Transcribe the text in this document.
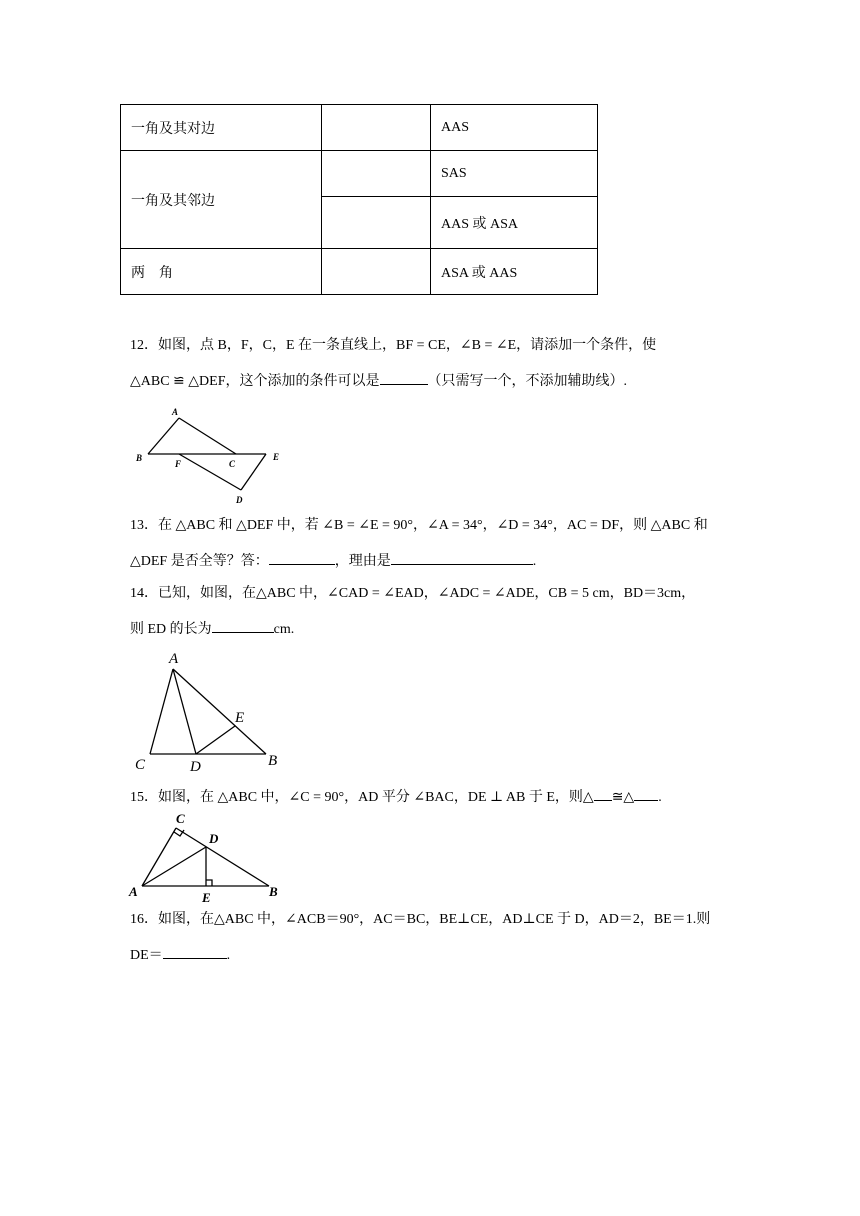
一角及其对边		AAS
一角及其邻边		SAS
		AAS 或 ASA
两　角		ASA 或 AAS
12．如图，点 B，F，C，E 在一条直线上，BF = CE，∠B = ∠E，请添加一个条件，使
△ABC ≌ △DEF，这个添加的条件可以是	（只需写一个，不添加辅助线）.
A
B
F	C
E
D
13．在 △ABC 和 △DEF 中，若 ∠B = ∠E = 90°，∠A = 34°，∠D = 34°，AC = DF，则 △ABC 和
△DEF 是否全等？答：	，理由是	.
14．已知，如图，在△ABC 中，∠CAD = ∠EAD，∠ADC = ∠ADE，CB = 5 cm，BD＝3cm，
则 ED 的长为	cm.
A
E
C	D	B
15．如图，在 △ABC 中，∠C = 90°，AD 平分 ∠BAC，DE ⊥ AB 于 E，则△ ≅△ .
C
D
A	E	B
16．如图，在△ABC 中，∠ACB＝90°，AC＝BC，BE⊥CE，AD⊥CE 于 D，AD＝2，BE＝1.则
DE＝	.
